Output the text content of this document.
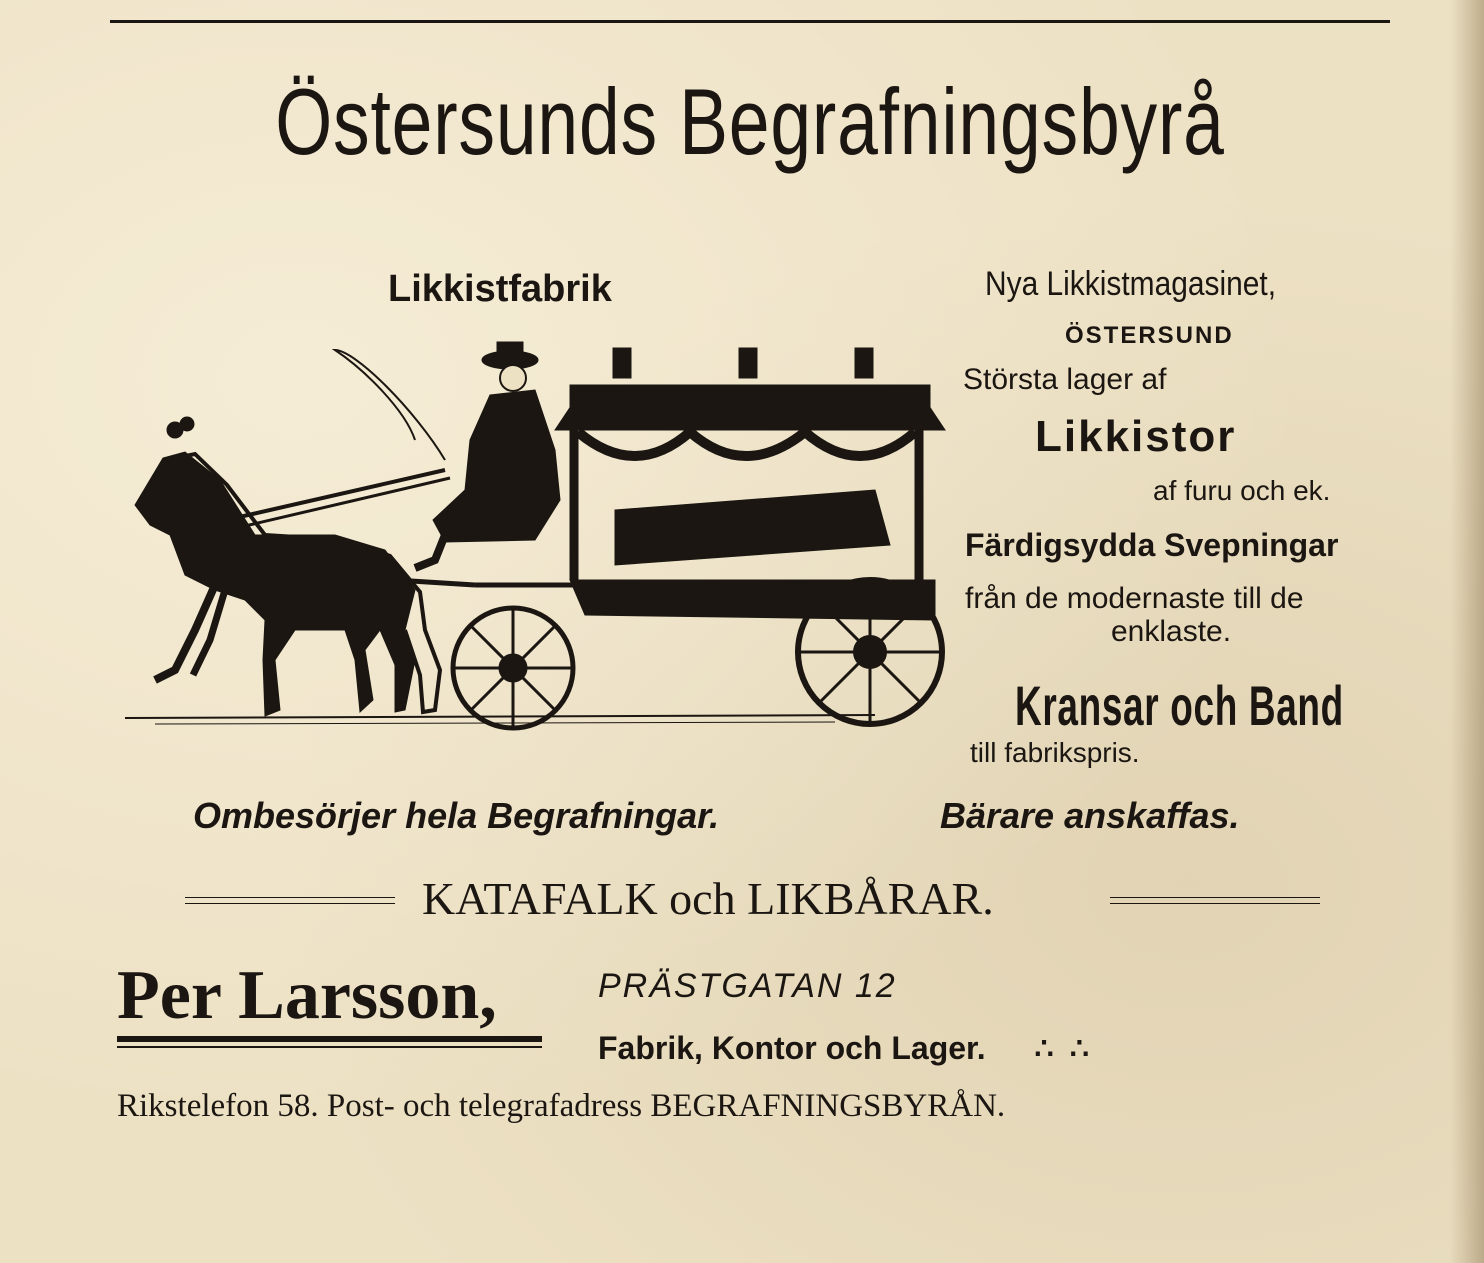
Östersunds Begrafningsbyrå
Likkistfabrik	Nya Likkistmagasinet,
ÖSTERSUND
Största lager af
Likkistor
af furu och ek.
Färdigsydda Svepningar
från de modernaste till de
enklaste.
Kransar och Band
till fabrikspris.
Ombesörjer hela Begrafningar.	Bärare anskaffas.
KATAFALK och LIKBÅRAR.
Per Larsson,	PRÄSTGATAN 12
Fabrik, Kontor och Lager. ∴ ∴
Rikstelefon 58. Post- och telegrafadress BEGRAFNINGSBYRÅN.
